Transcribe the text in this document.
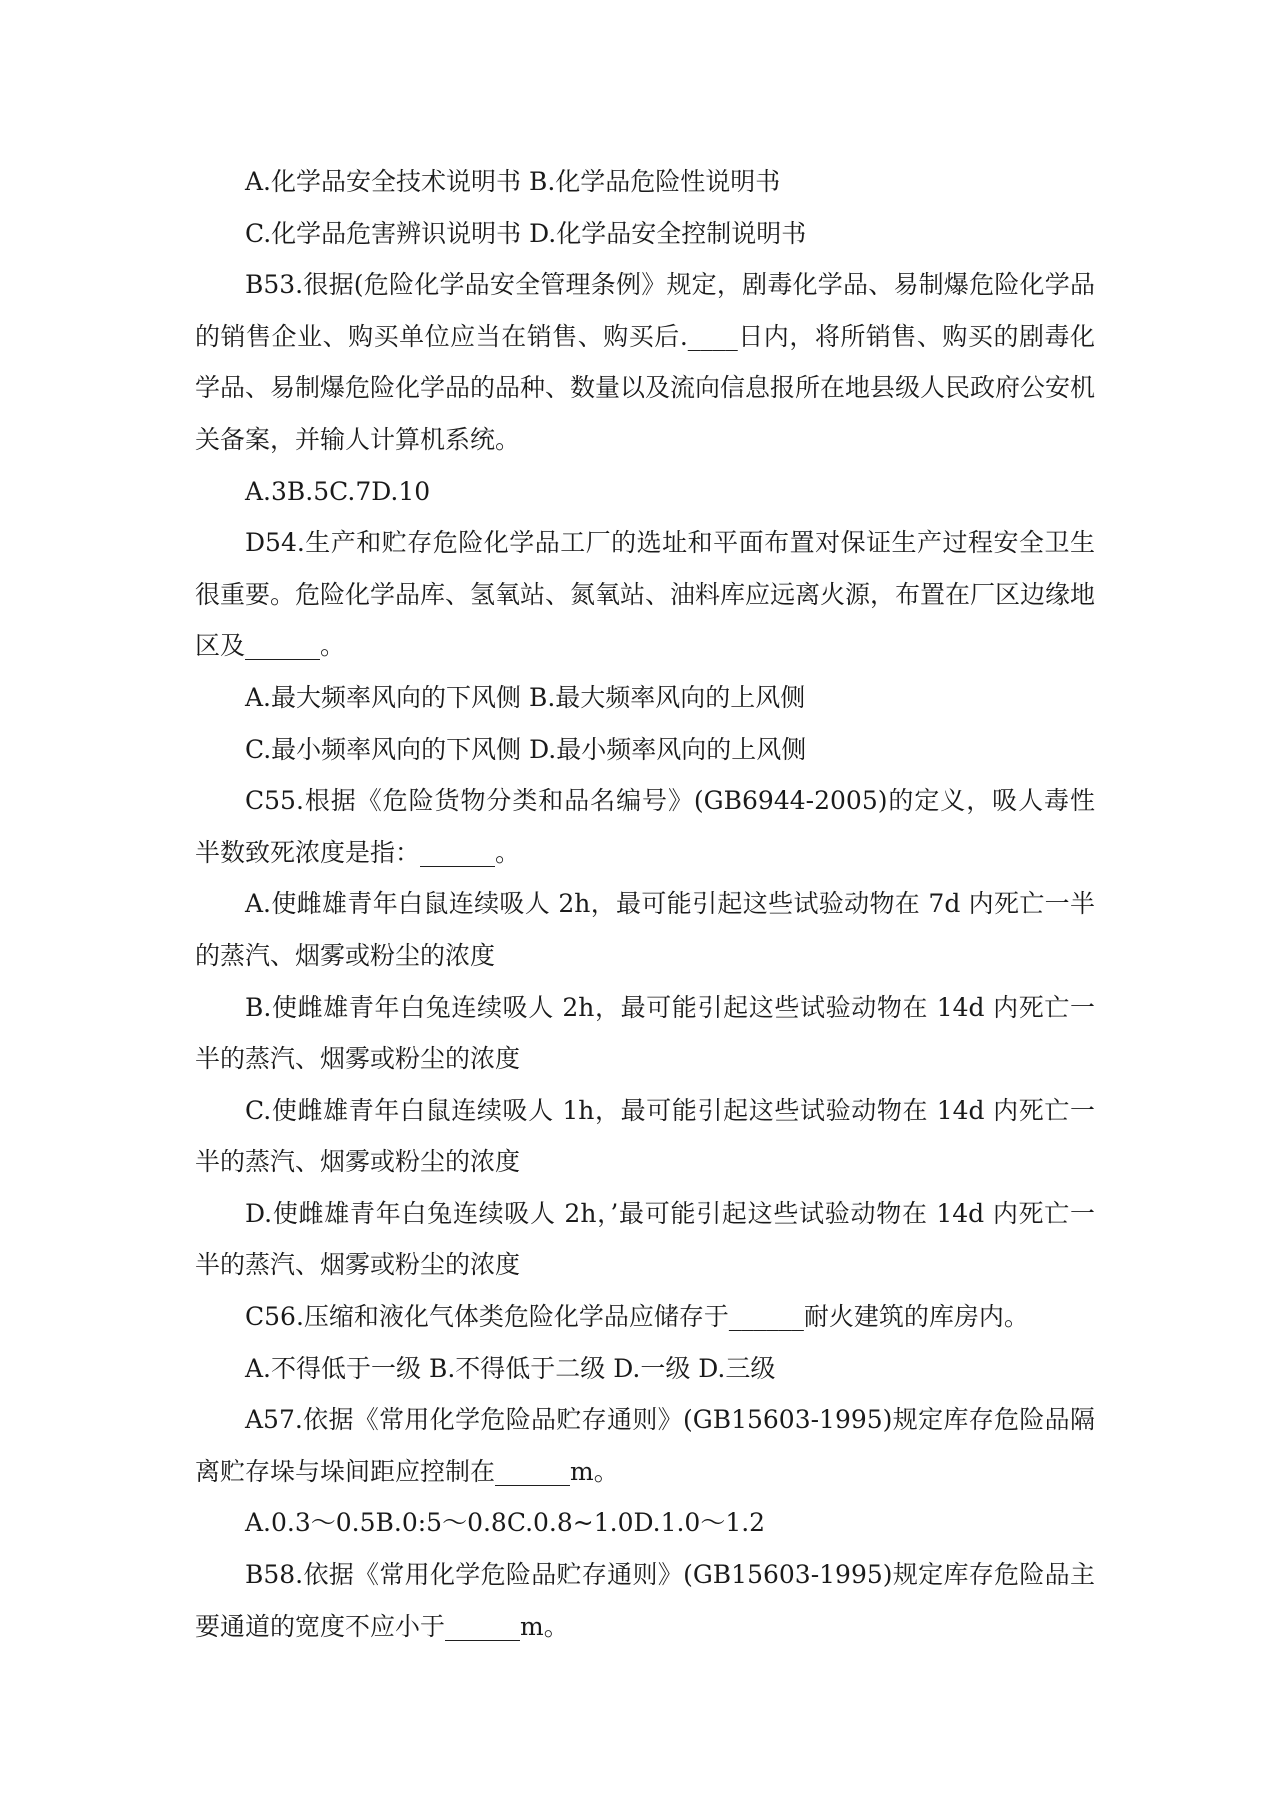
A.化学品安全技术说明书 B.化学品危险性说明书

C.化学品危害辨识说明书 D.化学品安全控制说明书

B53.很据(危险化学品安全管理条例》规定，剧毒化学品、易制爆危险化学品的销售企业、购买单位应当在销售、购买后.____日内，将所销售、购买的剧毒化学品、易制爆危险化学品的品种、数量以及流向信息报所在地县级人民政府公安机关备案，并输人计算机系统。

A.3B.5C.7D.10

D54.生产和贮存危险化学品工厂的选址和平面布置对保证生产过程安全卫生很重要。危险化学品库、氢氧站、氮氧站、油料库应远离火源，布置在厂区边缘地区及______。

A.最大频率风向的下风侧 B.最大频率风向的上风侧

C.最小频率风向的下风侧 D.最小频率风向的上风侧

C55.根据《危险货物分类和品名编号》(GB6944-2005)的定义，吸人毒性半数致死浓度是指：______。

A.使雌雄青年白鼠连续吸人 2h，最可能引起这些试验动物在 7d 内死亡一半的蒸汽、烟雾或粉尘的浓度

B.使雌雄青年白兔连续吸人 2h，最可能引起这些试验动物在 14d 内死亡一半的蒸汽、烟雾或粉尘的浓度

C.使雌雄青年白鼠连续吸人 1h，最可能引起这些试验动物在 14d 内死亡一半的蒸汽、烟雾或粉尘的浓度

D.使雌雄青年白兔连续吸人 2h，’最可能引起这些试验动物在 14d 内死亡一半的蒸汽、烟雾或粉尘的浓度

C56.压缩和液化气体类危险化学品应储存于______耐火建筑的库房内。

A.不得低于一级 B.不得低于二级 D.一级 D.三级

A57.依据《常用化学危险品贮存通则》(GB15603-1995)规定库存危险品隔离贮存垛与垛间距应控制在______m。

A.0.3～0.5B.0:5～0.8C.0.8~1.0D.1.0～1.2

B58.依据《常用化学危险品贮存通则》(GB15603-1995)规定库存危险品主要通道的宽度不应小于______m。
